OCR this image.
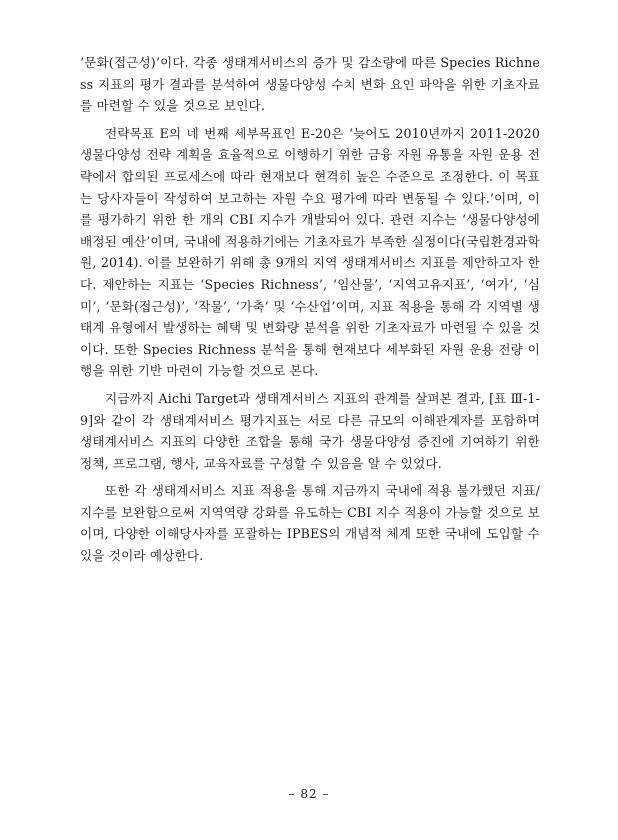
‘문화(접근성)’이다. 각종 생태계서비스의 증가 및 감소량에 따른 Species Richness 지표의 평가 결과를 분석하여 생물다양성 수치 변화 요인 파악을 위한 기초자료를 마련할 수 있을 것으로 보인다.

전략목표 E의 네 번째 세부목표인 E-20은 ‘늦어도 2010년까지 2011-2020 생물다양성 전략 계획을 효율적으로 이행하기 위한 금융 자원 유통을 자원 운용 전략에서 합의된 프로세스에 따라 현재보다 현격히 높은 수준으로 조정한다. 이 목표는 당사자들이 작성하여 보고하는 자원 수요 평가에 따라 변동될 수 있다.’이며, 이를 평가하기 위한 한 개의 CBI 지수가 개발되어 있다. 관련 지수는 ‘생물다양성에 배정된 예산’이며, 국내에 적용하기에는 기초자료가 부족한 실정이다(국립환경과학원, 2014). 이를 보완하기 위해 총 9개의 지역 생태계서비스 지표를 제안하고자 한다. 제안하는 지표는 ‘Species Richness’, ‘임산물’, ‘지역고유지표’, ‘여가’, ‘심미’, ‘문화(접근성)’, ‘작물’, ‘가축’ 및 ‘수산업’이며, 지표 적용을 통해 각 지역별 생태계 유형에서 발생하는 혜택 및 변화량 분석을 위한 기초자료가 마련될 수 있을 것이다. 또한 Species Richness 분석을 통해 현재보다 세부화된 자원 운용 전량 이행을 위한 기반 마련이 가능할 것으로 본다.

지금까지 Aichi Target과 생태계서비스 지표의 관계를 살펴본 결과, [표 Ⅲ-1-9]와 같이 각 생태계서비스 평가지표는 서로 다른 규모의 이해관계자를 포함하며 생태계서비스 지표의 다양한 조합을 통해 국가 생물다양성 증진에 기여하기 위한 정책, 프로그램, 행사, 교육자료를 구성할 수 있음을 알 수 있었다.

또한 각 생태계서비스 지표 적용을 통해 지금까지 국내에 적용 불가했던 지표/지수를 보완함으로써 지역역량 강화를 유도하는 CBI 지수 적용이 가능할 것으로 보이며, 다양한 이해당사자를 포괄하는 IPBES의 개념적 체계 또한 국내에 도입할 수 있을 것이라 예상한다.

– 82 –
